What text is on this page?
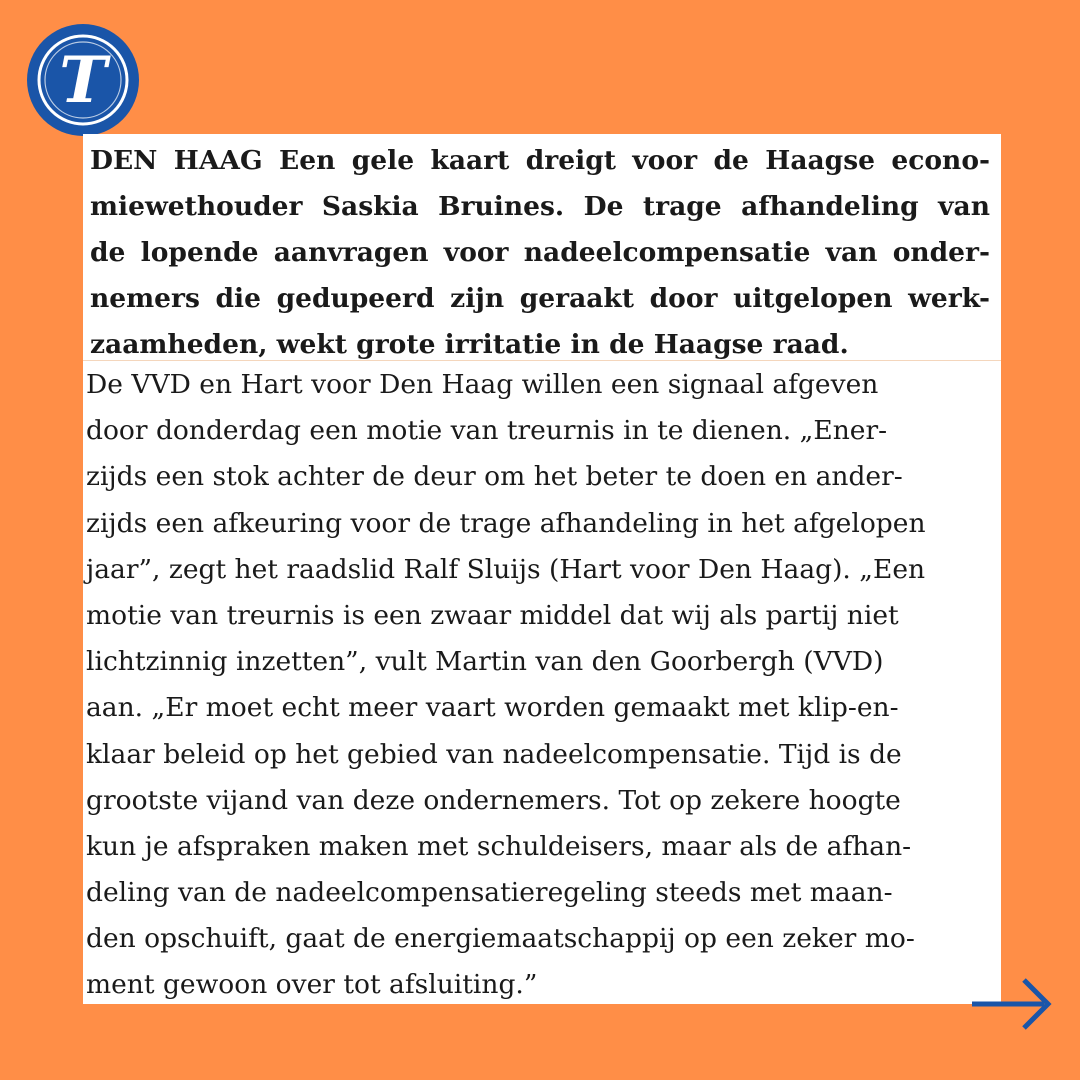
T
DEN HAAG Een gele kaart dreigt voor de Haagse econo-
miewethouder Saskia Bruines. De trage afhandeling van
de lopende aanvragen voor nadeelcompensatie van onder-
nemers die gedupeerd zijn geraakt door uitgelopen werk-
zaamheden, wekt grote irritatie in de Haagse raad.
De VVD en Hart voor Den Haag willen een signaal afgeven
door donderdag een motie van treurnis in te dienen. „Ener-
zijds een stok achter de deur om het beter te doen en ander-
zijds een afkeuring voor de trage afhandeling in het afgelopen
jaar”, zegt het raadslid Ralf Sluijs (Hart voor Den Haag). „Een
motie van treurnis is een zwaar middel dat wij als partij niet
lichtzinnig inzetten”, vult Martin van den Goorbergh (VVD)
aan. „Er moet echt meer vaart worden gemaakt met klip-en-
klaar beleid op het gebied van nadeelcompensatie. Tijd is de
grootste vijand van deze ondernemers. Tot op zekere hoogte
kun je afspraken maken met schuldeisers, maar als de afhan-
deling van de nadeelcompensatieregeling steeds met maan-
den opschuift, gaat de energiemaatschappij op een zeker mo-
ment gewoon over tot afsluiting.”
